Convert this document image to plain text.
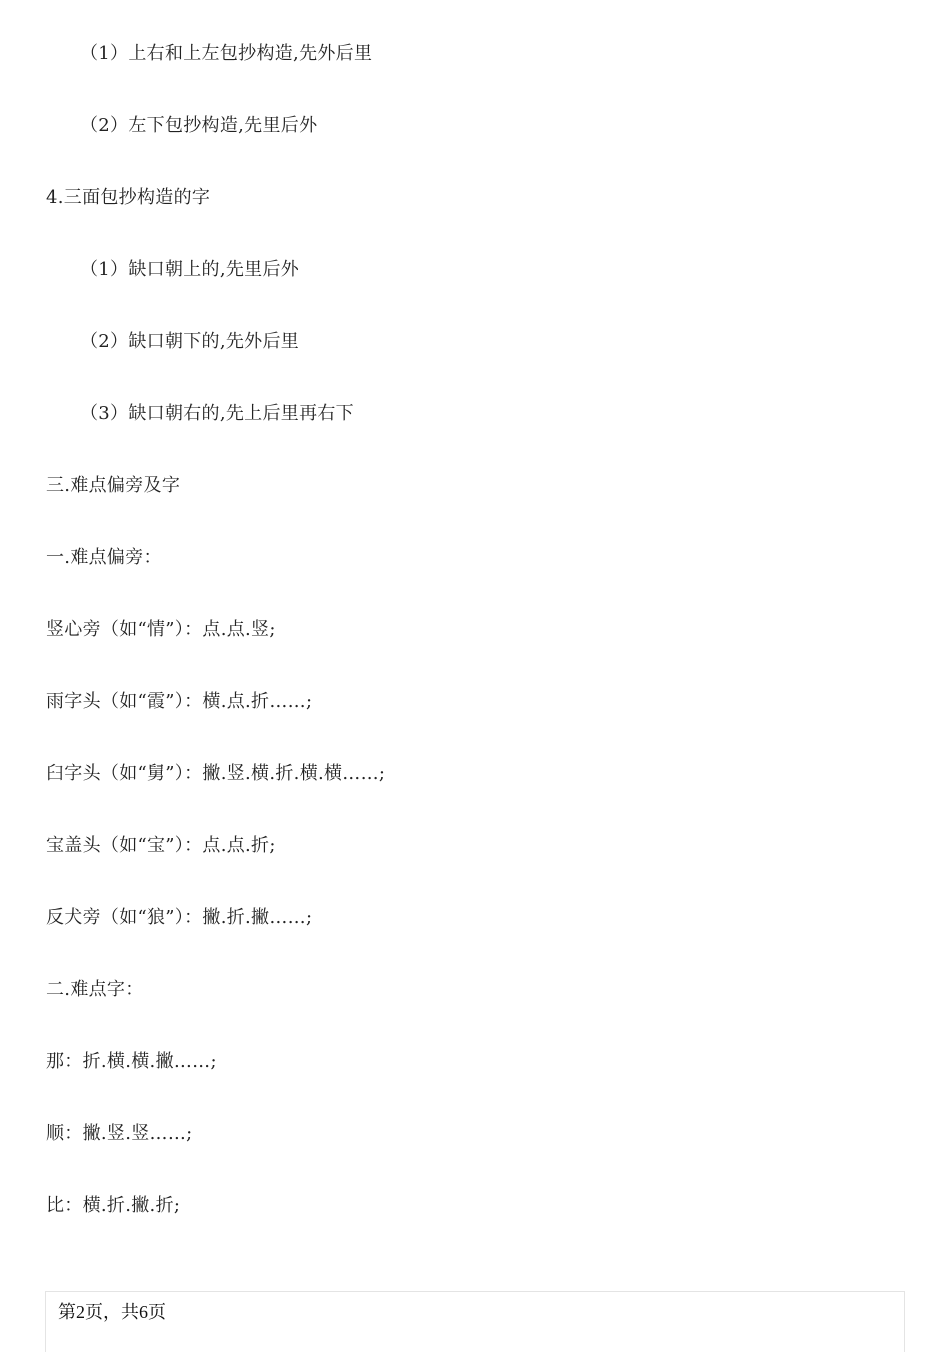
（1）上右和上左包抄构造,先外后里
（2）左下包抄构造,先里后外
4.三面包抄构造的字
（1）缺口朝上的,先里后外
（2）缺口朝下的,先外后里
（3）缺口朝右的,先上后里再右下
三.难点偏旁及字
一.难点偏旁：
竖心旁（如“情”）：点.点.竖;
雨字头（如“霞”）：横.点.折……;
臼字头（如“舅”）：撇.竖.横.折.横.横……;
宝盖头（如“宝”）：点.点.折;
反犬旁（如“狼”）：撇.折.撇……;
二.难点字：
那：折.横.横.撇……;
顺：撇.竖.竖……;
比：横.折.撇.折;
第2页，共6页
